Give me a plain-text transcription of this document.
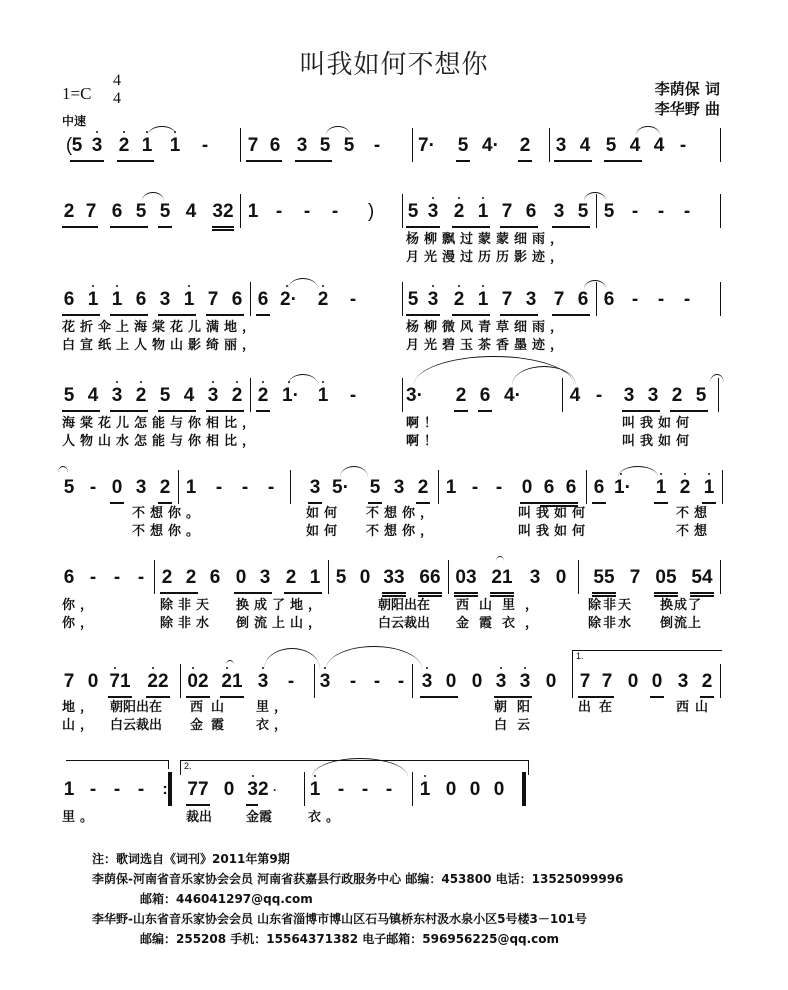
叫我如何不想你
李荫保 词
李华野 曲
1=C
4
4
中速
( 5 3 2 1 1 - 7 6 3 5 5 - 7· 5 4· 2 3 4 5 4 4 -
2 7 6 5 5 4 32 1 - - - ) 5 3 2 1 7 6 3 5 5 - - -
杨柳飘过蒙蒙细雨，
月光漫过历历影迹，
6 1 1 6 3 1 7 6 6 2· 2 -	5 3 2 1 7 3 7 6 6 - - -
花折伞上海棠花儿满地，	杨柳微风青草细雨，
白宣纸上人物山影绮丽，	月光碧玉茶香墨迹，
5 4 3 2 5 4 3 2 2 1· 1 -	3· 2 6 4·	4 - 3 3 2 5
海棠花儿怎能与你相比，	啊！	叫我如何
人物山水怎能与你相比，	啊！	叫我如何
5 - 0 3 2 1 - - - 3 5· 5 3 2 1 - - 0 6 6 6 1· 1 2 1
不想你。	如何 不想你，	叫我如何	不想
不想你。	如何 不想你，	叫我如何	不想
6 - - - 2 2 6 0 3 2 1 5 0 33 66 03 21 3 0 55 7 05 54
你，	除非天 换成了地，	朝阳出在 西山里，	除非天 换成了
你，	除非水 倒流上山，	白云裁出 金霞衣，	除非水 倒流上
1.
7 0 71 22 02 21 3 - 3 - - - 3 0 0 3 3 0 7 7 0 0 3 2
地， 朝阳出在 西山 里，	朝阳	出在	西山
山， 白云裁出 金霞 衣，	白云
2.
1 - - - : 77 0 32 · 1 - - - 1 0 0 0
里。	裁出	金霞	衣。
注：歌词选自《词刊》2011年第9期
李荫保-河南省音乐家协会会员 河南省获嘉县行政服务中心 邮编：453800 电话：13525099996
邮箱：446041297@qq.com
李华野-山东省音乐家协会会员 山东省淄博市博山区石马镇桥东村汲水泉小区5号楼3－101号
邮编：255208 手机：15564371382 电子邮箱：596956225@qq.com
